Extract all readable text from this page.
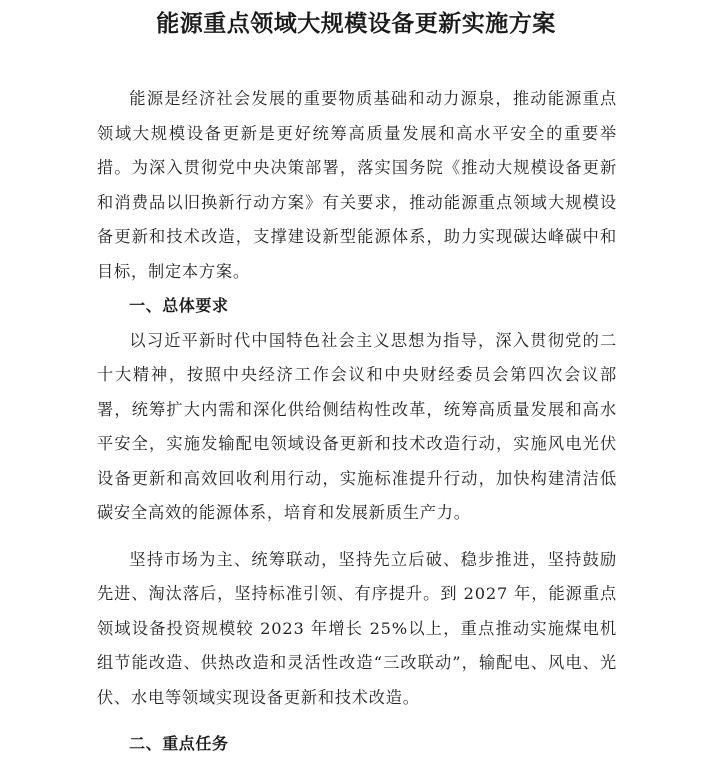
能源重点领域大规模设备更新实施方案

能源是经济社会发展的重要物质基础和动力源泉，推动能源重点领域大规模设备更新是更好统筹高质量发展和高水平安全的重要举措。为深入贯彻党中央决策部署，落实国务院《推动大规模设备更新和消费品以旧换新行动方案》有关要求，推动能源重点领域大规模设备更新和技术改造，支撑建设新型能源体系，助力实现碳达峰碳中和目标，制定本方案。

一、总体要求

以习近平新时代中国特色社会主义思想为指导，深入贯彻党的二十大精神，按照中央经济工作会议和中央财经委员会第四次会议部署，统筹扩大内需和深化供给侧结构性改革，统筹高质量发展和高水平安全，实施发输配电领域设备更新和技术改造行动，实施风电光伏设备更新和高效回收利用行动，实施标准提升行动，加快构建清洁低碳安全高效的能源体系，培育和发展新质生产力。

坚持市场为主、统筹联动，坚持先立后破、稳步推进，坚持鼓励先进、淘汰落后，坚持标准引领、有序提升。到 2027 年，能源重点领域设备投资规模较 2023 年增长 25%以上，重点推动实施煤电机组节能改造、供热改造和灵活性改造“三改联动”，输配电、风电、光伏、水电等领域实现设备更新和技术改造。

二、重点任务
